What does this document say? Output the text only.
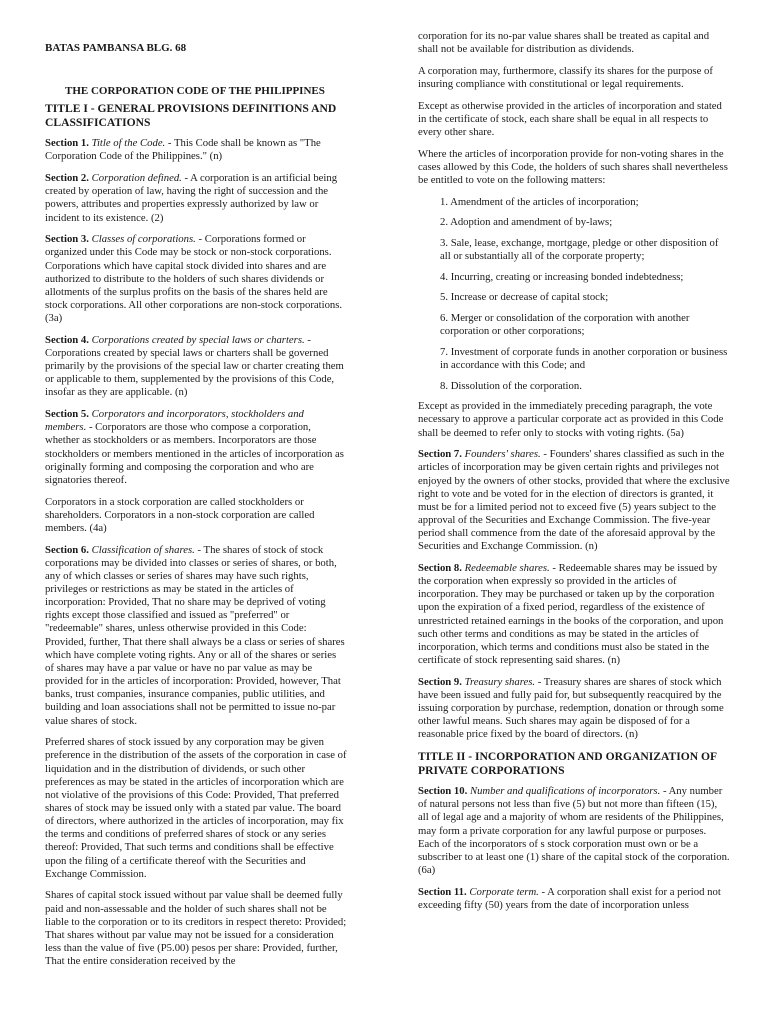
BATAS PAMBANSA BLG. 68
THE CORPORATION CODE OF THE PHILIPPINES
TITLE I - GENERAL PROVISIONS DEFINITIONS AND CLASSIFICATIONS

Section 1. Title of the Code. - This Code shall be known as "The Corporation Code of the Philippines." (n)

Section 2. Corporation defined. - A corporation is an artificial being created by operation of law, having the right of succession and the powers, attributes and properties expressly authorized by law or incident to its existence. (2)

Section 3. Classes of corporations. - Corporations formed or organized under this Code may be stock or non-stock corporations. Corporations which have capital stock divided into shares and are authorized to distribute to the holders of such shares dividends or allotments of the surplus profits on the basis of the shares held are stock corporations. All other corporations are non-stock corporations. (3a)

Section 4. Corporations created by special laws or charters. - Corporations created by special laws or charters shall be governed primarily by the provisions of the special law or charter creating them or applicable to them, supplemented by the provisions of this Code, insofar as they are applicable. (n)

Section 5. Corporators and incorporators, stockholders and members. - Corporators are those who compose a corporation, whether as stockholders or as members. Incorporators are those stockholders or members mentioned in the articles of incorporation as originally forming and composing the corporation and who are signatories thereof.

Corporators in a stock corporation are called stockholders or shareholders. Corporators in a non-stock corporation are called members. (4a)

Section 6. Classification of shares. - The shares of stock of stock corporations may be divided into classes or series of shares, or both, any of which classes or series of shares may have such rights, privileges or restrictions as may be stated in the articles of incorporation: Provided, That no share may be deprived of voting rights except those classified and issued as "preferred" or "redeemable" shares, unless otherwise provided in this Code: Provided, further, That there shall always be a class or series of shares which have complete voting rights. Any or all of the shares or series of shares may have a par value or have no par value as may be provided for in the articles of incorporation: Provided, however, That banks, trust companies, insurance companies, public utilities, and building and loan associations shall not be permitted to issue no-par value shares of stock.

Preferred shares of stock issued by any corporation may be given preference in the distribution of the assets of the corporation in case of liquidation and in the distribution of dividends, or such other preferences as may be stated in the articles of incorporation which are not violative of the provisions of this Code: Provided, That preferred shares of stock may be issued only with a stated par value. The board of directors, where authorized in the articles of incorporation, may fix the terms and conditions of preferred shares of stock or any series thereof: Provided, That such terms and conditions shall be effective upon the filing of a certificate thereof with the Securities and Exchange Commission.

Shares of capital stock issued without par value shall be deemed fully paid and non-assessable and the holder of such shares shall not be liable to the corporation or to its creditors in respect thereto: Provided; That shares without par value may not be issued for a consideration less than the value of five (P5.00) pesos per share: Provided, further, That the entire consideration received by the

corporation for its no-par value shares shall be treated as capital and shall not be available for distribution as dividends.

A corporation may, furthermore, classify its shares for the purpose of insuring compliance with constitutional or legal requirements.

Except as otherwise provided in the articles of incorporation and stated in the certificate of stock, each share shall be equal in all respects to every other share.

Where the articles of incorporation provide for non-voting shares in the cases allowed by this Code, the holders of such shares shall nevertheless be entitled to vote on the following matters:

1. Amendment of the articles of incorporation;
2. Adoption and amendment of by-laws;
3. Sale, lease, exchange, mortgage, pledge or other disposition of all or substantially all of the corporate property;
4. Incurring, creating or increasing bonded indebtedness;
5. Increase or decrease of capital stock;
6. Merger or consolidation of the corporation with another corporation or other corporations;
7. Investment of corporate funds in another corporation or business in accordance with this Code; and
8. Dissolution of the corporation.

Except as provided in the immediately preceding paragraph, the vote necessary to approve a particular corporate act as provided in this Code shall be deemed to refer only to stocks with voting rights. (5a)

Section 7. Founders' shares. - Founders' shares classified as such in the articles of incorporation may be given certain rights and privileges not enjoyed by the owners of other stocks, provided that where the exclusive right to vote and be voted for in the election of directors is granted, it must be for a limited period not to exceed five (5) years subject to the approval of the Securities and Exchange Commission. The five-year period shall commence from the date of the aforesaid approval by the Securities and Exchange Commission. (n)

Section 8. Redeemable shares. - Redeemable shares may be issued by the corporation when expressly so provided in the articles of incorporation. They may be purchased or taken up by the corporation upon the expiration of a fixed period, regardless of the existence of unrestricted retained earnings in the books of the corporation, and upon such other terms and conditions as may be stated in the articles of incorporation, which terms and conditions must also be stated in the certificate of stock representing said shares. (n)

Section 9. Treasury shares. - Treasury shares are shares of stock which have been issued and fully paid for, but subsequently reacquired by the issuing corporation by purchase, redemption, donation or through some other lawful means. Such shares may again be disposed of for a reasonable price fixed by the board of directors. (n)

TITLE II - INCORPORATION AND ORGANIZATION OF PRIVATE CORPORATIONS

Section 10. Number and qualifications of incorporators. - Any number of natural persons not less than five (5) but not more than fifteen (15), all of legal age and a majority of whom are residents of the Philippines, may form a private corporation for any lawful purpose or purposes. Each of the incorporators of s stock corporation must own or be a subscriber to at least one (1) share of the capital stock of the corporation. (6a)

Section 11. Corporate term. - A corporation shall exist for a period not exceeding fifty (50) years from the date of incorporation unless
